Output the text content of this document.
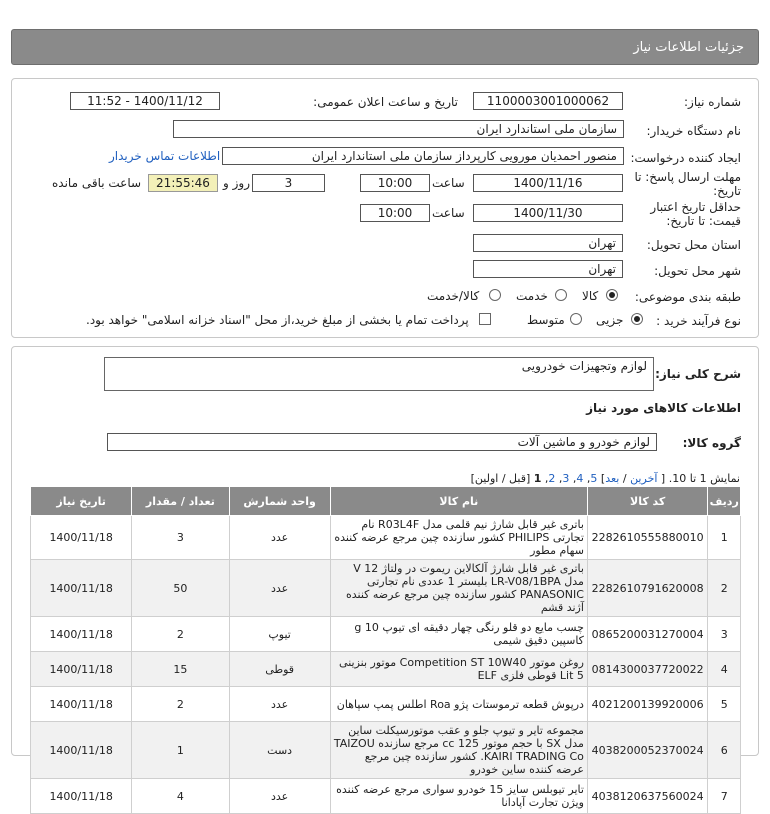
جزئیات اطلاعات نیاز
شماره نیاز:
1100003001000062
تاریخ و ساعت اعلان عمومی:
1400/11/12 - 11:52
نام دستگاه خریدار:
سازمان ملی استاندارد ایران
ایجاد کننده درخواست:
منصور احمدیان مورویی کارپرداز سازمان ملی استاندارد ایران
اطلاعات تماس خریدار
مهلت ارسال پاسخ: تا
تاریخ:
1400/11/16
ساعت
10:00
3
روز و
21:55:46
ساعت باقی مانده
حداقل تاریخ اعتبار
قیمت: تا تاریخ:
1400/11/30
ساعت
10:00
استان محل تحویل:
تهران
شهر محل تحویل:
تهران
طبقه بندی موضوعی:
کالا
خدمت
کالا/خدمت
نوع فرآیند خرید :
جزیی
متوسط
پرداخت تمام یا بخشی از مبلغ خرید،از محل "اسناد خزانه اسلامی" خواهد بود.
شرح کلی نیاز:
لوازم وتجهیزات خودرویی
اطلاعات کالاهای مورد نیاز
گروه کالا:
لوازم خودرو و ماشین آلات
نمایش 1 تا 10. [ آخرین / بعد] 5, 4, 3, 2, 1 [قبل / اولین]
ردیف	کد کالا	نام کالا	واحد شمارش	تعداد / مقدار	تاریخ نیاز
1	2282610555880010	باتری غیر قابل شارژ نیم قلمی مدل R03L4F نام تجارتی PHILIPS کشور سازنده چین مرجع عرضه کننده سهام مطور	عدد	3	1400/11/18
2	2282610791620008	باتری غیر قابل شارژ آلکالاین ریموت در ولتاژ 12 V مدل LR-V08/1BPA بلیستر 1 عددی نام تجارتی PANASONIC کشور سازنده چین مرجع عرضه کننده آژند قشم	عدد	50	1400/11/18
3	0865200031270004	چسب مایع دو قلو رنگی چهار دقیقه ای تیوپ 10 g کاسپین دقیق شیمی	تیوپ	2	1400/11/18
4	0814300037720022	روغن موتور Competition ST 10W40 موتور بنزینی Lit 5 قوطی فلزی ELF	قوطی	15	1400/11/18
5	4021200139920006	درپوش قطعه ترموستات پژو Roa اطلس پمپ سپاهان	عدد	2	1400/11/18
6	4038200052370024	مجموعه تایر و تیوپ جلو و عقب موتورسیکلت ساین مدل SX با حجم موتور 125 cc مرجع سازنده TAIZOU KAIRI TRADING Co. کشور سازنده چین مرجع عرضه کننده ساین خودرو	دست	1	1400/11/18
7	4038120637560024	تایر تیوبلس سایز 15 خودرو سواری مرجع عرضه کننده ویژن تجارت آپادانا	عدد	4	1400/11/18
